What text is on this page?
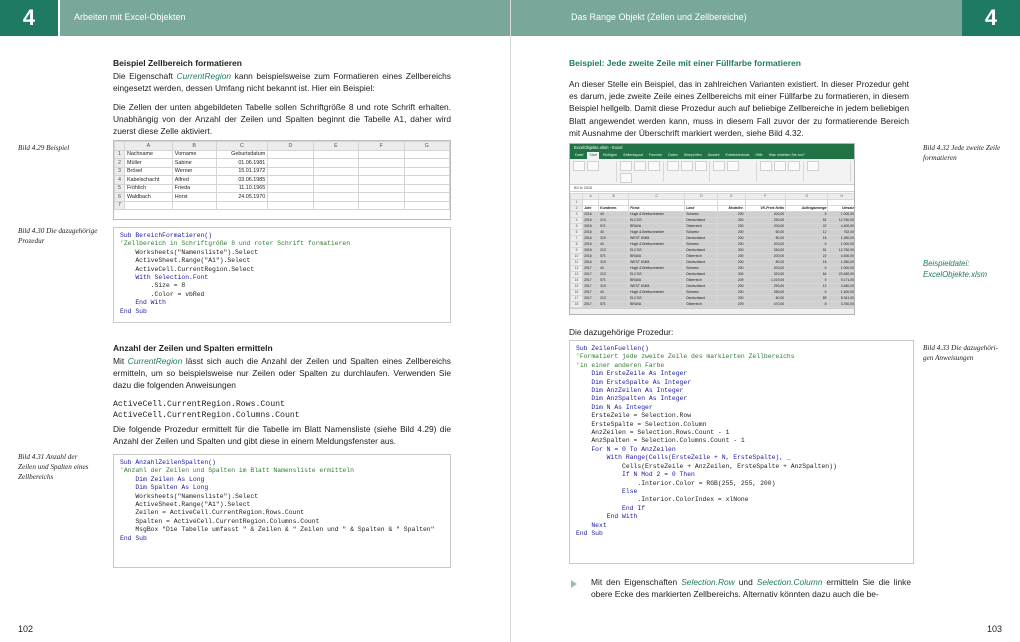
4	Arbeiten mit Excel-Objekten
Beispiel Zellbereich formatieren
Die Eigenschaft CurrentRegion kann beispielsweise zum Formatieren eines Zellbereichs eingesetzt werden, dessen Umfang nicht bekannt ist. Hier ein Beispiel:
Die Zellen der unten abgebildeten Tabelle sollen Schriftgröße 8 und rote Schrift erhalten. Unabhängig von der Anzahl der Zeilen und Spalten beginnt die Tabelle A1, daher wird zuerst diese Zelle aktiviert.
Bild 4.29 Beispiel
		A	B	C	D	E	F	G
1	Nachname	Vorname	Geburtsdatum				
2	Müller	Sabine	01.06.1981				
3	Brösel	Werner	15.01.1972				
4	Kabelschacht	Alfred	03.06.1985				
5	Fröhlich	Frieda	11.10.1965				
6	Waldbach	Horst	24.05.1970				
7							
Bild 4.30 Die dazugehörige
Prozedur
Sub BereichFormatieren()
'Zellbereich in Schriftgröße 8 und roter Schrift formatieren
Worksheets("Namensliste").Select
ActiveSheet.Range("A1").Select
ActiveCell.CurrentRegion.Select
With Selection.Font
.Size = 8
.Color = vbRed
End With
End Sub
Anzahl der Zeilen und Spalten ermitteln
Mit CurrentRegion lässt sich auch die Anzahl der Zeilen und Spalten eines Zellbereichs ermitteln, um so beispielsweise nur Zeilen oder Spalten zu durchlaufen. Verwenden Sie dazu die folgenden Anweisungen
ActiveCell.CurrentRegion.Rows.Count
ActiveCell.CurrentRegion.Columns.Count
Die folgende Prozedur ermittelt für die Tabelle im Blatt Namensliste (siehe Bild 4.29) die Anzahl der Zeilen und Spalten und gibt diese in einem Meldungsfenster aus.
Bild 4.31 Anzahl der
Zeilen und Spalten eines
Zellbereichs
Sub AnzahlZeilenSpalten()
'Anzahl der Zeilen und Spalten im Blatt Namensliste ermitteln
Dim Zeilen As Long
Dim Spalten As Long
Worksheets("Namensliste").Select
ActiveSheet.Range("A1").Select
Zeilen = ActiveCell.CurrentRegion.Rows.Count
Spalten = ActiveCell.CurrentRegion.Columns.Count
MsgBox "Die Tabelle umfasst " & Zeilen & " Zeilen und " & Spalten & " Spalten"
End Sub
102
Das Range Objekt (Zellen und Zellbereiche)	4
Beispiel: Jede zweite Zeile mit einer Füllfarbe formatieren
An dieser Stelle ein Beispiel, das in zahlreichen Varianten existiert. In dieser Prozedur geht es darum, jede zweite Zeile eines Zellbereichs mit einer Füllfarbe zu formatieren, in diesem Beispiel hellgelb. Damit diese Prozedur auch auf beliebige Zellbereiche in jedem beliebigen Blatt angewendet werden kann, muss in diesem Fall zuvor der zu formatierende Bereich mit Ausnahme der Überschrift markiert werden, siehe Bild 4.32.
ExcelObjekte.xlsm - Excel
Datei	Start	Einfügen	Seitenlayout	Formeln	Daten	Überprüfen	Ansicht	Entwicklertools	Hilfe	Was möchten Sie tun?
B3 fx 2016
	A	B	C	D	E	F	G	H
1								
2	Jahr	Kundennr.	Firma	Land	Modellnr.	VK-Preis Netto	Auftragsmenge	Umsatz
3	2016	40	Hugh & Breitschneider	Schweiz	200	200,00	5	1.000,00
4	2016	213	ELCOS	Deutschland	300	250,00	51	12.750,00
5	2016	571	BRAVA	Österreich	200	200,00	22	4.400,00
6	2016	40	Hugh & Breitschneider	Schweiz	200	60,00	12	762,00
7	2016	319	WEST KNIM	Deutschland	200	80,00	16	1.280,00
8	2016	40	Hugh & Breitschneider	Schweiz	200	200,00	5	1.000,00
9	2016	213	ELCOS	Deutschland	300	250,00	51	12.750,00
10	2016	571	BRAVA	Österreich	200	200,00	22	4.400,00
11	2016	319	WEST KNIM	Deutschland	200	80,00	16	1.280,00
12	2017	40	Hugh & Breitschneider	Schweiz	200	200,00	5	1.000,00
13	2017	213	ELCOS	Deutschland	304	320,00	64	20.480,00
14	2017	571	BRAVA	Österreich	209	1.019,00	9	9.171,00
15	2017	319	WEST KNIM	Deutschland	200	290,00	12	3.480,00
16	2017	40	Hugh & Breitschneider	Schweiz	200	280,00	5	1.400,00
17	2017	213	ELCOS	Deutschland	200	60,00	89	5.341,00
18	2017	571	BRAVA	Österreich	209	470,00	8	3.760,00

Bild 4.32 Jede zweite Zeile
formatieren
Beispieldatei:
ExcelObjekte.xlsm
Die dazugehörige Prozedur:
Bild 4.33 Die dazugehöri-
gen Anweisungen
Sub ZeilenFuellen()
'Formatiert jede zweite Zeile des markierten Zellbereichs
'in einer anderen Farbe
Dim ErsteZeile As Integer
Dim ErsteSpalte As Integer
Dim AnzZeilen As Integer
Dim AnzSpalten As Integer
Dim N As Integer
ErsteZeile = Selection.Row
ErsteSpalte = Selection.Column
AnzZeilen = Selection.Rows.Count - 1
AnzSpalten = Selection.Columns.Count - 1
For N = 0 To AnzZeilen
With Range(Cells(ErsteZeile + N, ErsteSpalte), _
Cells(ErsteZeile + AnzZeilen, ErsteSpalte + AnzSpalten))
If N Mod 2 = 0 Then
.Interior.Color = RGB(255, 255, 200)
Else
.Interior.ColorIndex = xlNone
End If
End With
Next
End Sub
Mit den Eigenschaften Selection.Row und Selection.Column ermitteln Sie die linke obere Ecke des markierten Zellbereichs. Alternativ könnten dazu auch die be-
103
